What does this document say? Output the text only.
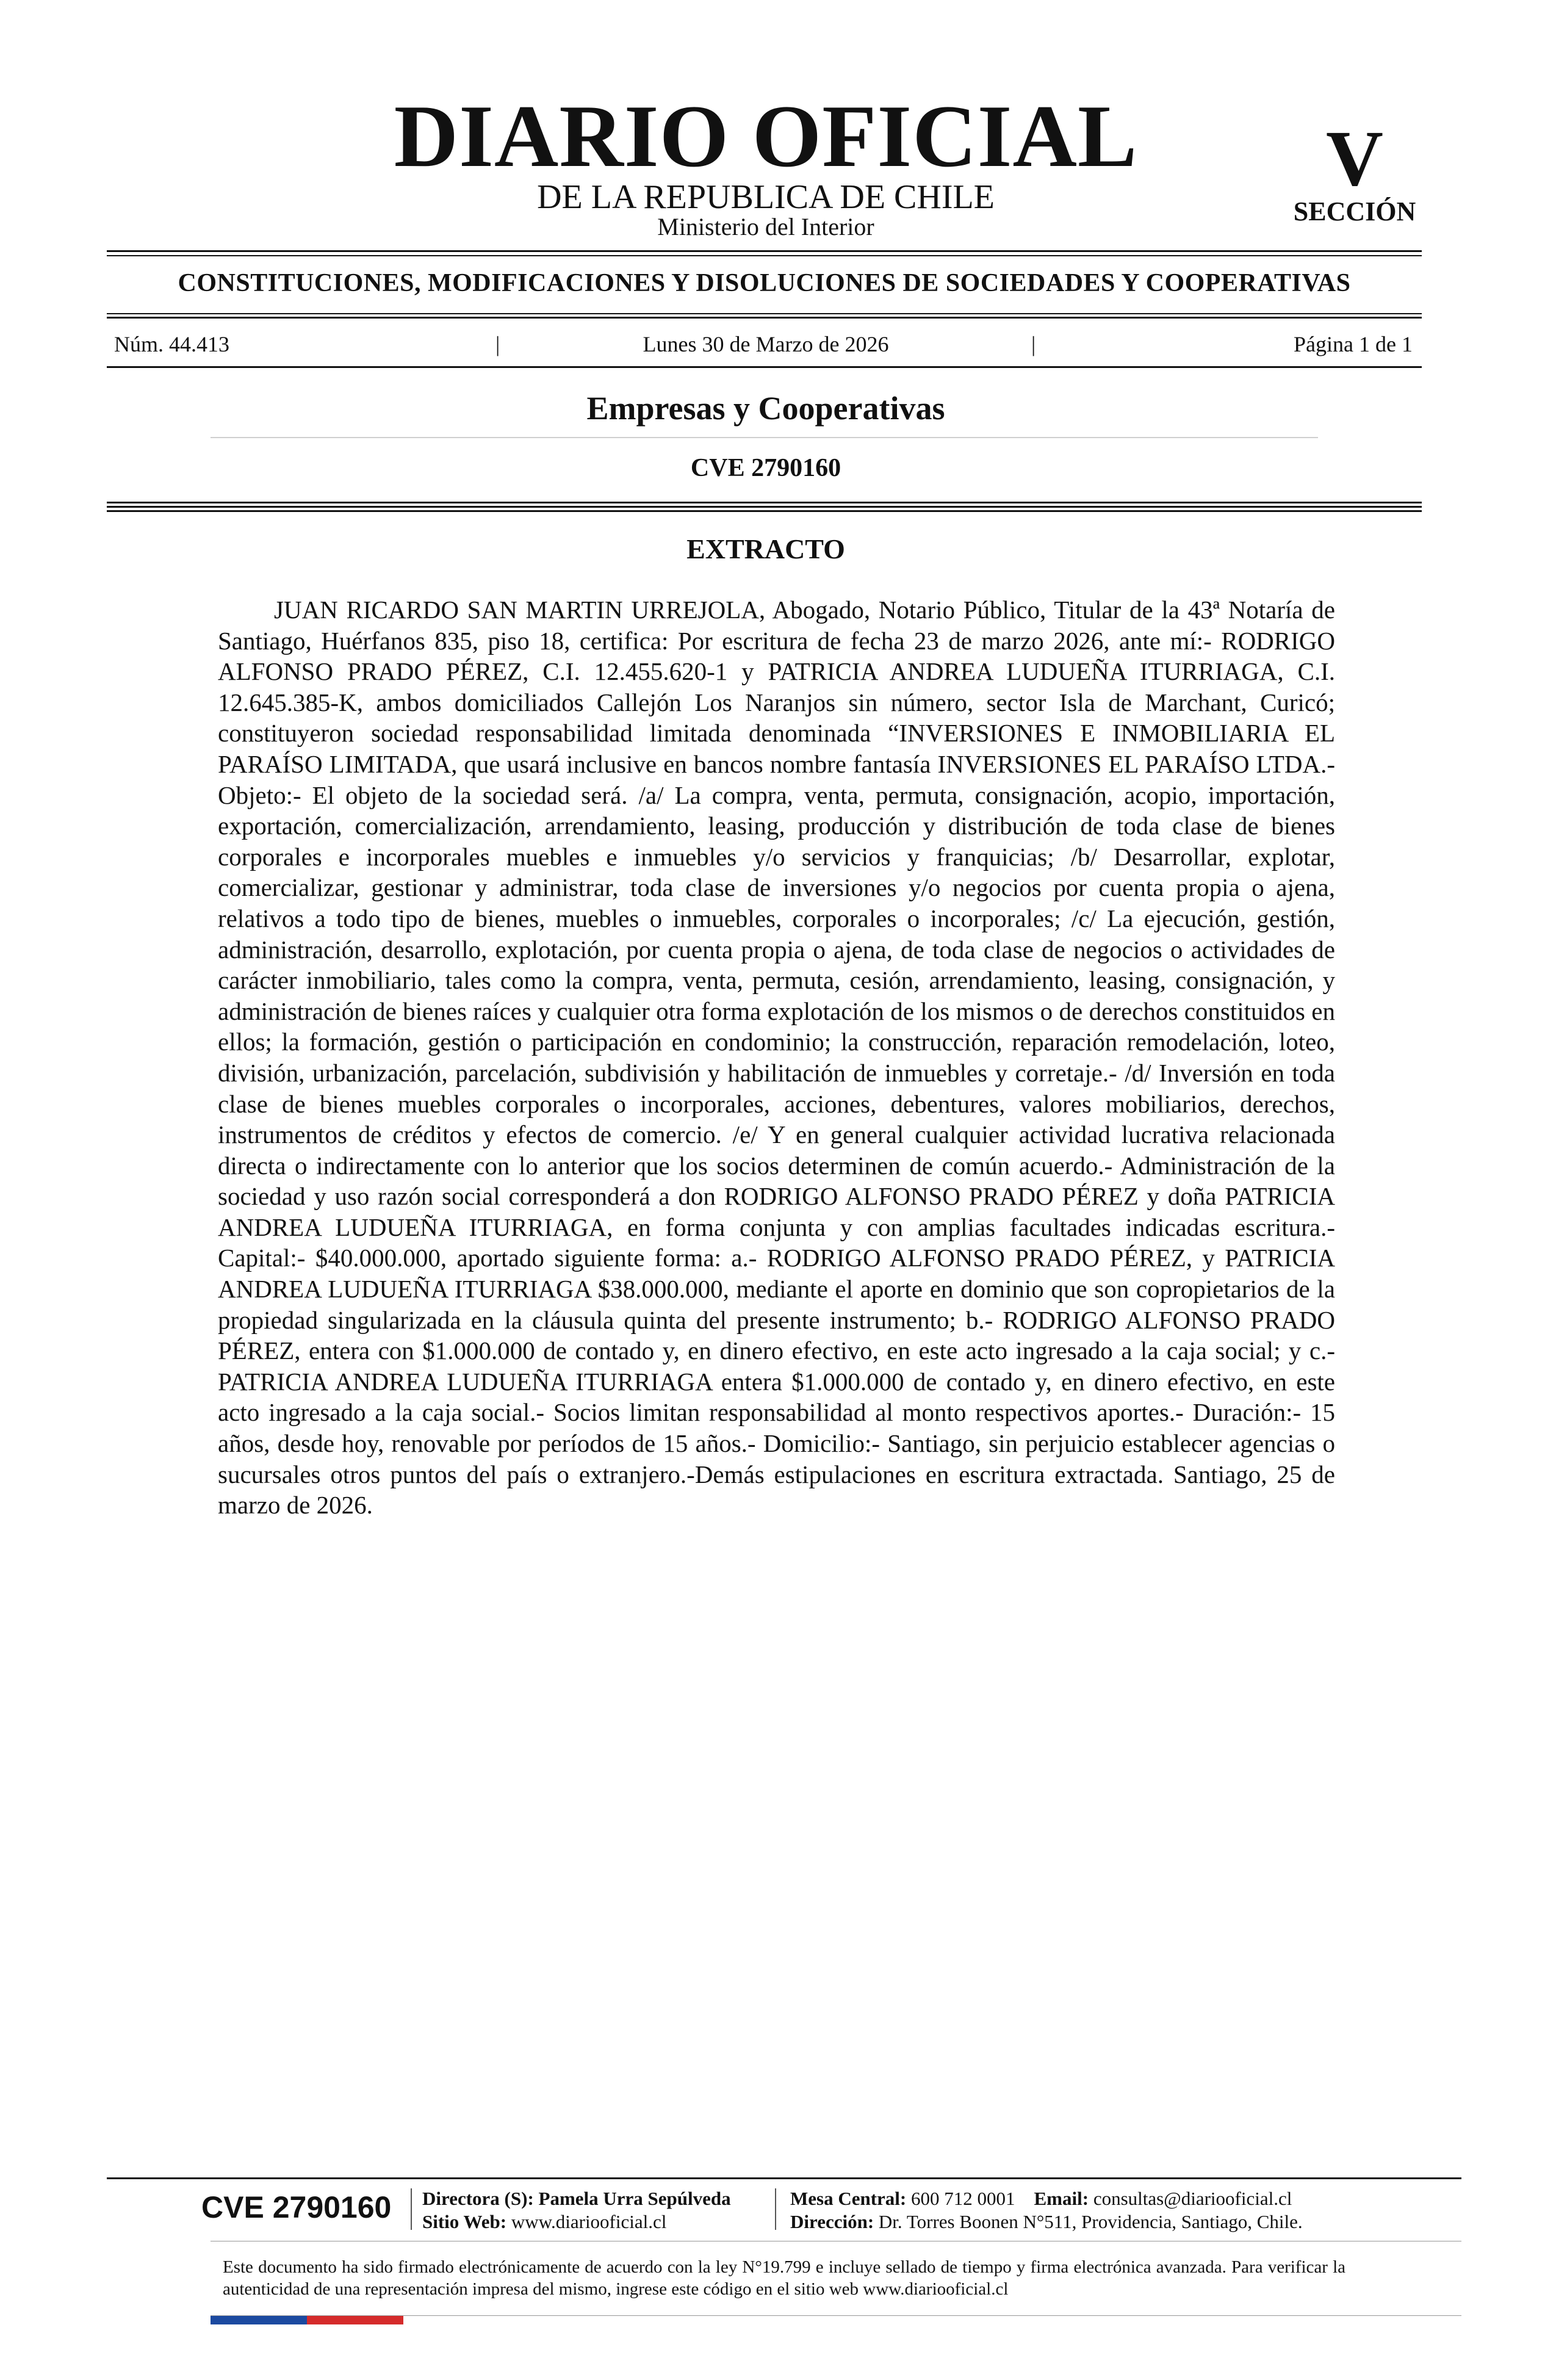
DIARIO OFICIAL
DE LA REPUBLICA DE CHILE
Ministerio del Interior
V
SECCIÓN
CONSTITUCIONES, MODIFICACIONES Y DISOLUCIONES DE SOCIEDADES Y COOPERATIVAS
Núm. 44.413	|	Lunes 30 de Marzo de 2026	|	Página 1 de 1
Empresas y Cooperativas
CVE 2790160
EXTRACTO
JUAN RICARDO SAN MARTIN URREJOLA, Abogado, Notario Público, Titular de la 43ª Notaría de Santiago, Huérfanos 835, piso 18, certifica: Por escritura de fecha 23 de marzo 2026, ante mí:- RODRIGO ALFONSO PRADO PÉREZ, C.I. 12.455.620-1 y PATRICIA ANDREA LUDUEÑA ITURRIAGA, C.I. 12.645.385-K, ambos domiciliados Callejón Los Naranjos sin número, sector Isla de Marchant, Curicó; constituyeron sociedad responsabilidad limitada denominada “INVERSIONES E INMOBILIARIA EL PARAÍSO LIMITADA, que usará inclusive en bancos nombre fantasía INVERSIONES EL PARAÍSO LTDA.- Objeto:- El objeto de la sociedad será. /a/ La compra, venta, permuta, consignación, acopio, importación, exportación, comercialización, arrendamiento, leasing, producción y distribución de toda clase de bienes corporales e incorporales muebles e inmuebles y/o servicios y franquicias; /b/ Desarrollar, explotar, comercializar, gestionar y administrar, toda clase de inversiones y/o negocios por cuenta propia o ajena, relativos a todo tipo de bienes, muebles o inmuebles, corporales o incorporales; /c/ La ejecución, gestión, administración, desarrollo, explotación, por cuenta propia o ajena, de toda clase de negocios o actividades de carácter inmobiliario, tales como la compra, venta, permuta, cesión, arrendamiento, leasing, consignación, y administración de bienes raíces y cualquier otra forma explotación de los mismos o de derechos constituidos en ellos; la formación, gestión o participación en condominio; la construcción, reparación remodelación, loteo, división, urbanización, parcelación, subdivisión y habilitación de inmuebles y corretaje.- /d/ Inversión en toda clase de bienes muebles corporales o incorporales, acciones, debentures, valores mobiliarios, derechos, instrumentos de créditos y efectos de comercio. /e/ Y en general cualquier actividad lucrativa relacionada directa o indirectamente con lo anterior que los socios determinen de común acuerdo.- Administración de la sociedad y uso razón social corresponderá a don RODRIGO ALFONSO PRADO PÉREZ y doña PATRICIA ANDREA LUDUEÑA ITURRIAGA, en forma conjunta y con amplias facultades indicadas escritura.- Capital:- $40.000.000, aportado siguiente forma: a.- RODRIGO ALFONSO PRADO PÉREZ, y PATRICIA ANDREA LUDUEÑA ITURRIAGA $38.000.000, mediante el aporte en dominio que son copropietarios de la propiedad singularizada en la cláusula quinta del presente instrumento; b.- RODRIGO ALFONSO PRADO PÉREZ, entera con $1.000.000 de contado y, en dinero efectivo, en este acto ingresado a la caja social; y c.- PATRICIA ANDREA LUDUEÑA ITURRIAGA entera $1.000.000 de contado y, en dinero efectivo, en este acto ingresado a la caja social.- Socios limitan responsabilidad al monto respectivos aportes.- Duración:- 15 años, desde hoy, renovable por períodos de 15 años.- Domicilio:- Santiago, sin perjuicio establecer agencias o sucursales otros puntos del país o extranjero.-Demás estipulaciones en escritura extractada. Santiago, 25 de marzo de 2026.
CVE 2790160 Directora (S): Pamela Urra Sepúlveda
Sitio Web: www.diariooficial.cl
Mesa Central: 600 712 0001 Email: consultas@diariooficial.cl
Dirección: Dr. Torres Boonen N°511, Providencia, Santiago, Chile.
Este documento ha sido firmado electrónicamente de acuerdo con la ley N°19.799 e incluye sellado de tiempo y firma electrónica avanzada. Para verificar la autenticidad de una representación impresa del mismo, ingrese este código en el sitio web www.diariooficial.cl
